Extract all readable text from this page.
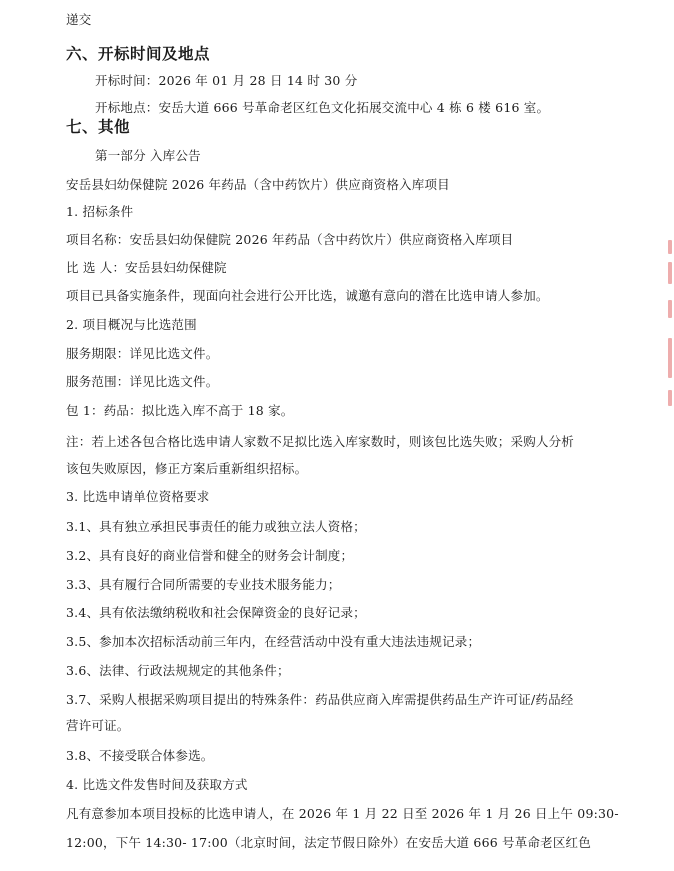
递交
六、开标时间及地点
开标时间：2026 年 01 月 28 日 14 时 30 分
开标地点：安岳大道 666 号革命老区红色文化拓展交流中心 4 栋 6 楼 616 室。
七、其他
第一部分 入库公告
安岳县妇幼保健院 2026 年药品（含中药饮片）供应商资格入库项目
1. 招标条件
项目名称：安岳县妇幼保健院 2026 年药品（含中药饮片）供应商资格入库项目
比 选 人：安岳县妇幼保健院
项目已具备实施条件，现面向社会进行公开比选，诚邀有意向的潜在比选申请人参加。
2. 项目概况与比选范围
服务期限：详见比选文件。
服务范围：详见比选文件。
包 1：药品：拟比选入库不高于 18 家。
注：若上述各包合格比选申请人家数不足拟比选入库家数时，则该包比选失败；采购人分析
该包失败原因，修正方案后重新组织招标。
3. 比选申请单位资格要求
3.1、具有独立承担民事责任的能力或独立法人资格；
3.2、具有良好的商业信誉和健全的财务会计制度；
3.3、具有履行合同所需要的专业技术服务能力；
3.4、具有依法缴纳税收和社会保障资金的良好记录；
3.5、参加本次招标活动前三年内，在经营活动中没有重大违法违规记录；
3.6、法律、行政法规规定的其他条件；
3.7、采购人根据采购项目提出的特殊条件：药品供应商入库需提供药品生产许可证/药品经
营许可证。
3.8、不接受联合体参选。
4. 比选文件发售时间及获取方式
凡有意参加本项目投标的比选申请人，在 2026 年 1 月 22 日至 2026 年 1 月 26 日上午 09:30-
12:00，下午 14:30- 17:00（北京时间，法定节假日除外）在安岳大道 666 号革命老区红色
